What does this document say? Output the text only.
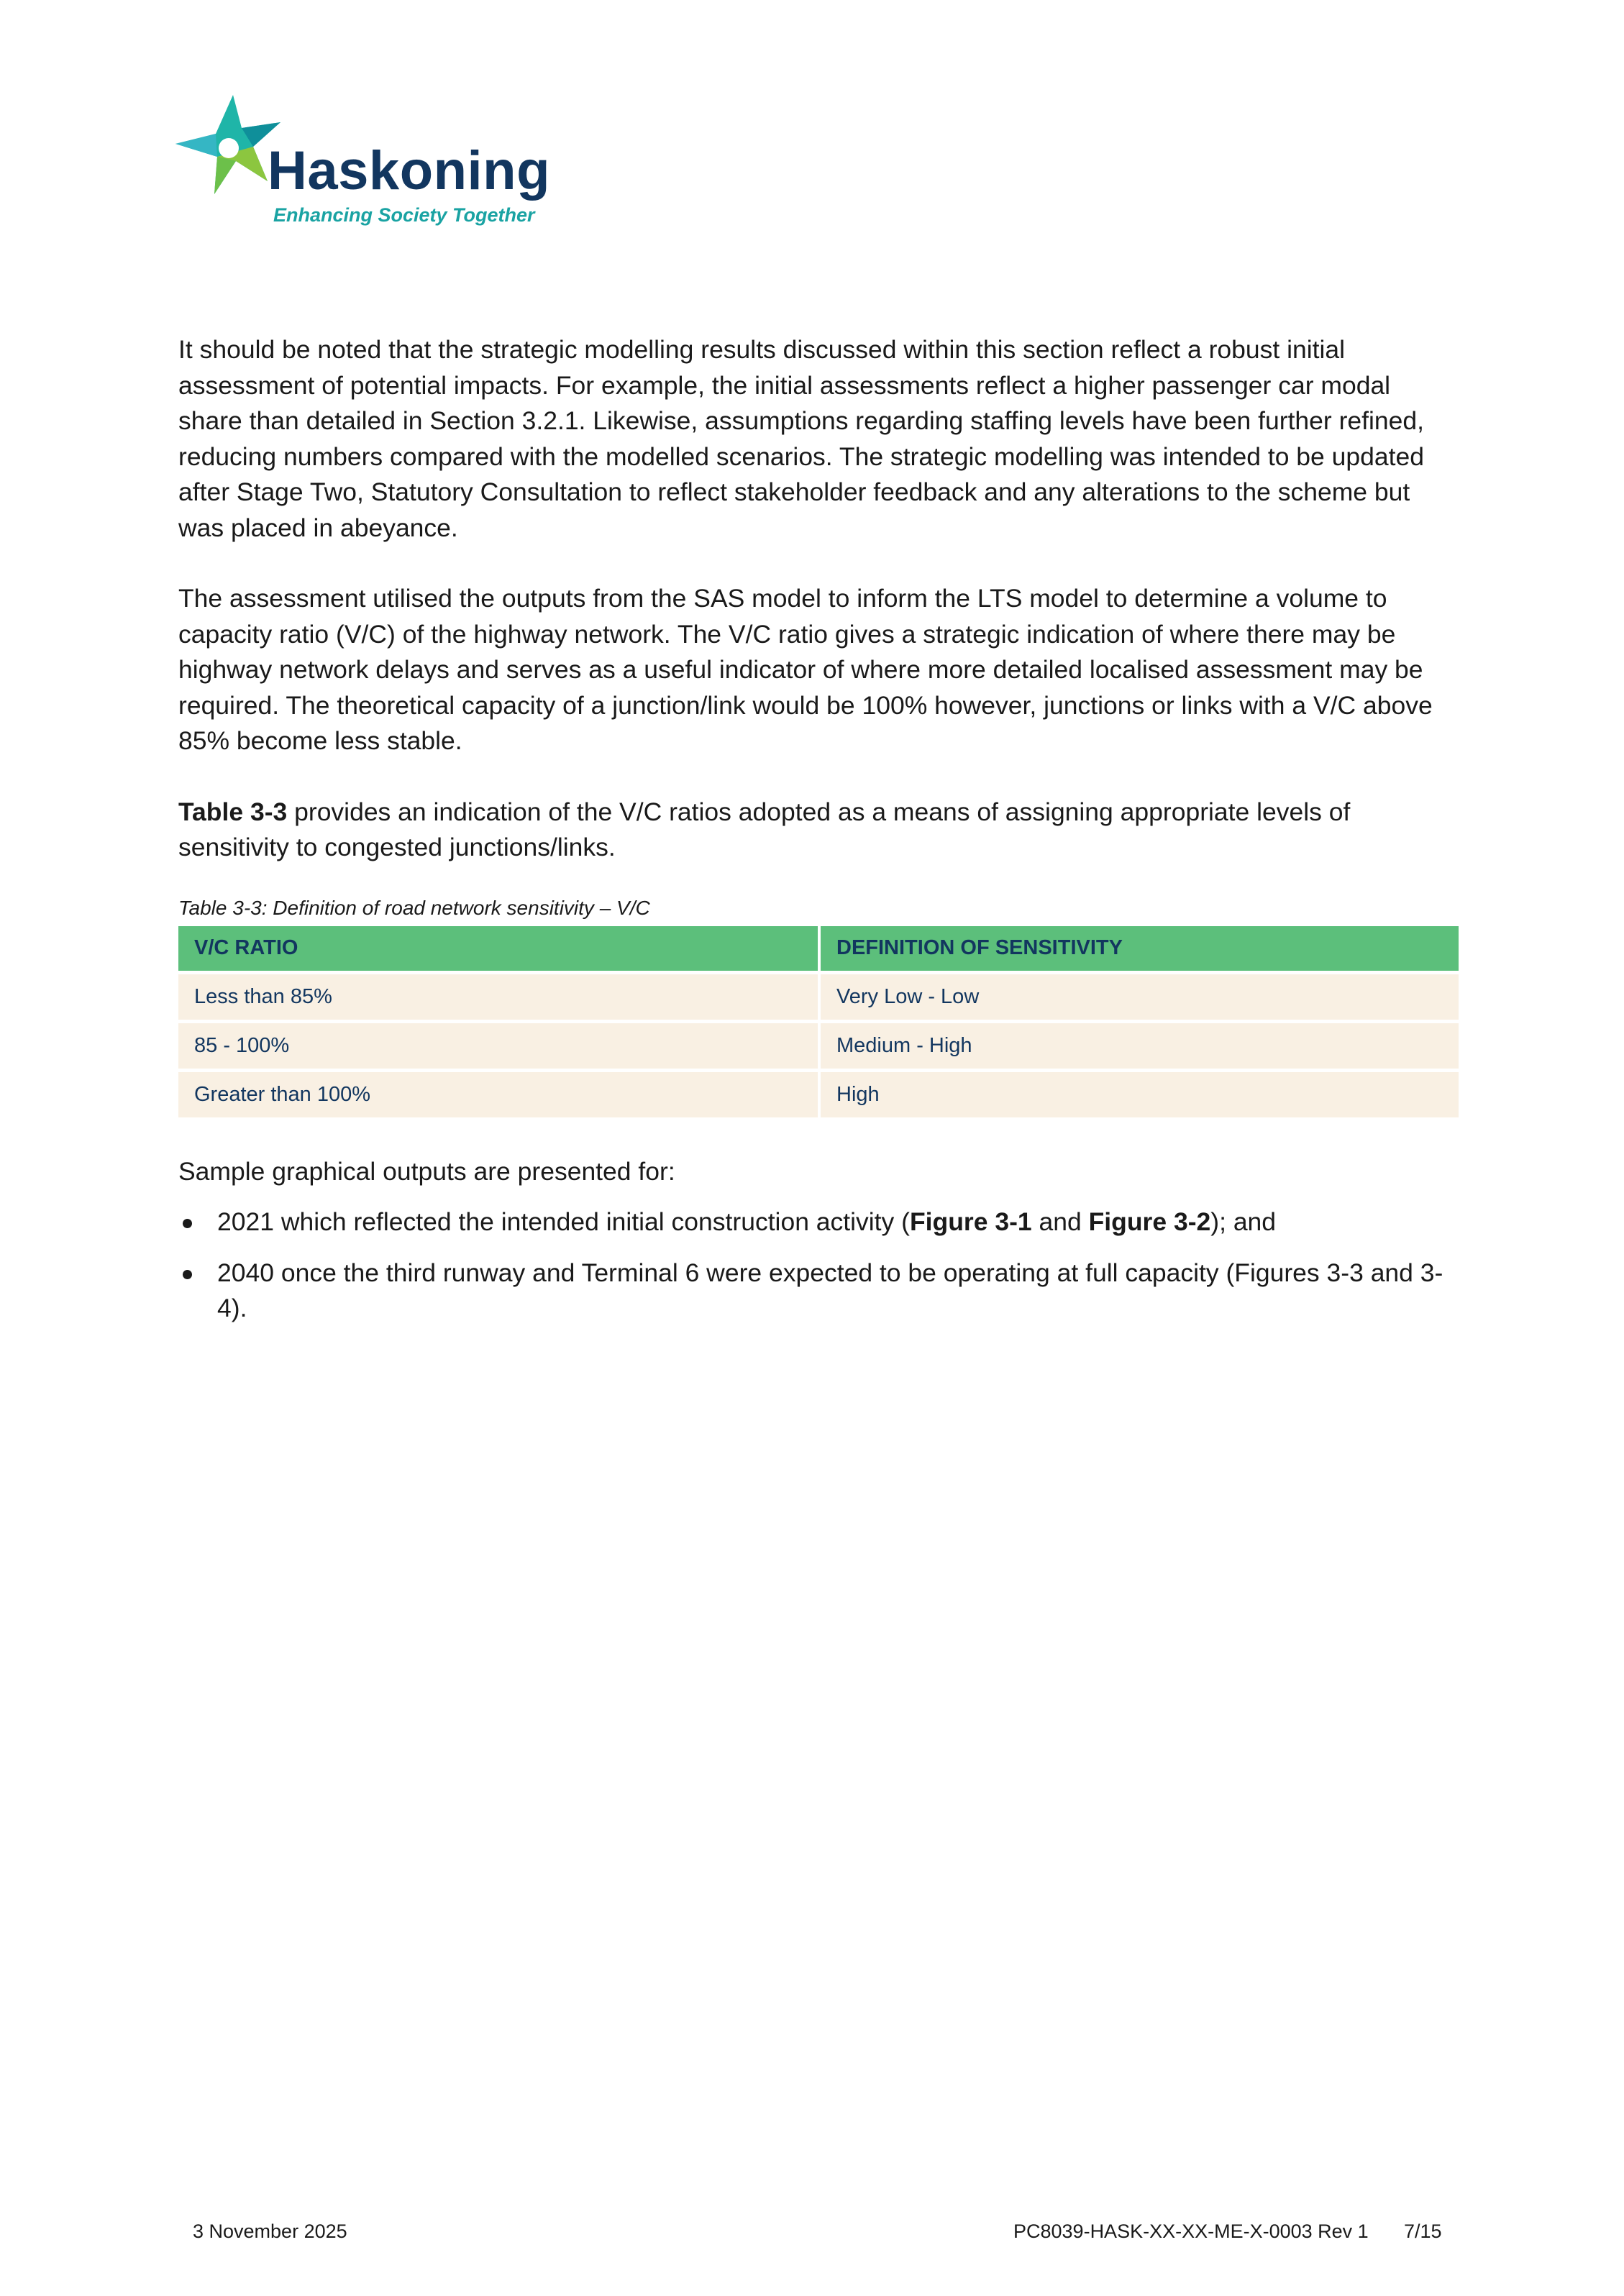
Haskoning
Enhancing Society Together

It should be noted that the strategic modelling results discussed within this section reflect a robust initial assessment of potential impacts. For example, the initial assessments reflect a higher passenger car modal share than detailed in Section 3.2.1. Likewise, assumptions regarding staffing levels have been further refined, reducing numbers compared with the modelled scenarios. The strategic modelling was intended to be updated after Stage Two, Statutory Consultation to reflect stakeholder feedback and any alterations to the scheme but was placed in abeyance.

The assessment utilised the outputs from the SAS model to inform the LTS model to determine a volume to capacity ratio (V/C) of the highway network. The V/C ratio gives a strategic indication of where there may be highway network delays and serves as a useful indicator of where more detailed localised assessment may be required. The theoretical capacity of a junction/link would be 100% however, junctions or links with a V/C above 85% become less stable.

Table 3-3 provides an indication of the V/C ratios adopted as a means of assigning appropriate levels of sensitivity to congested junctions/links.

Table 3-3: Definition of road network sensitivity – V/C
V/C RATIO	DEFINITION OF SENSITIVITY
Less than 85%	Very Low - Low
85 - 100%	Medium - High
Greater than 100%	High

Sample graphical outputs are presented for:

2021 which reflected the intended initial construction activity (Figure 3-1 and Figure 3-2); and
2040 once the third runway and Terminal 6 were expected to be operating at full capacity (Figures 3-3 and 3-4).
3 November 2025	PC8039-HASK-XX-XX-ME-X-0003 Rev 1 7/15
